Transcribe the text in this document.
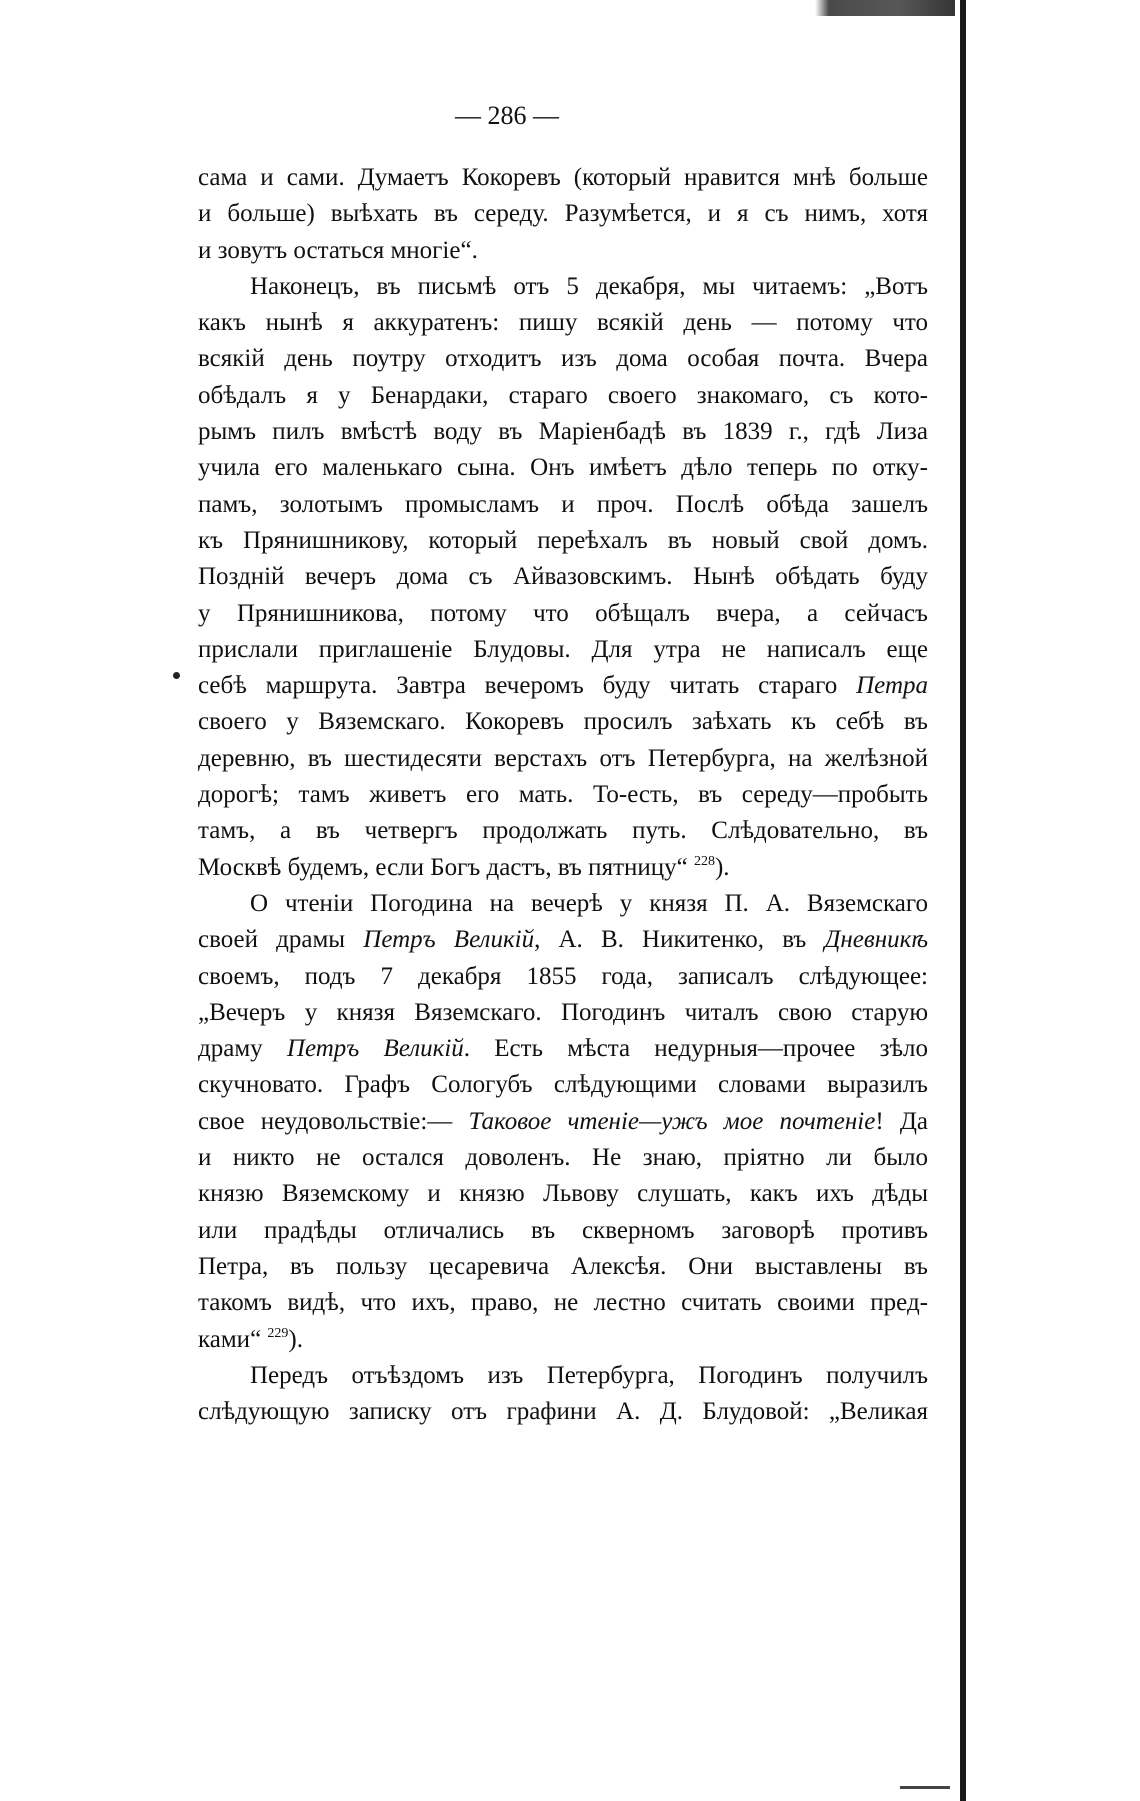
— 286 —
сама и сами. Думаетъ Кокоревъ (который нравится мнѣ больше
и больше) выѣхать въ середу. Разумѣется, и я съ нимъ, хотя
и зовутъ остаться многіе“.
Наконецъ, въ письмѣ отъ 5 декабря, мы читаемъ: „Вотъ
какъ нынѣ я аккуратенъ: пишу всякій день — потому что
всякій день поутру отходитъ изъ дома особая почта. Вчера
обѣдалъ я у Бенардаки, стараго своего знакомаго, съ кото-
рымъ пилъ вмѣстѣ воду въ Маріенбадѣ въ 1839 г., гдѣ Лиза
учила его маленькаго сына. Онъ имѣетъ дѣло теперь по отку-
памъ, золотымъ промысламъ и проч. Послѣ обѣда зашелъ
къ Прянишникову, который переѣхалъ въ новый свой домъ.
Поздній вечеръ дома съ Айвазовскимъ. Нынѣ обѣдать буду
у Прянишникова, потому что обѣщалъ вчера, а сейчасъ
прислали приглашеніе Блудовы. Для утра не написалъ еще
себѣ маршрута. Завтра вечеромъ буду читать стараго Петра
своего у Вяземскаго. Кокоревъ просилъ заѣхать къ себѣ въ
деревню, въ шестидесяти верстахъ отъ Петербурга, на желѣзной
дорогѣ; тамъ живетъ его мать. То-есть, въ середу—пробыть
тамъ, а въ четвергъ продолжать путь. Слѣдовательно, въ
Москвѣ будемъ, если Богъ дастъ, въ пятницу“ $^{228}$).
О чтеніи Погодина на вечерѣ у князя П. А. Вяземскаго
своей драмы Петръ Великій, А. В. Никитенко, въ Дневникѣ
своемъ, подъ 7 декабря 1855 года, записалъ слѣдующее:
„Вечеръ у князя Вяземскаго. Погодинъ читалъ свою старую
драму Петръ Великій. Есть мѣста недурныя—прочее зѣло
скучновато. Графъ Сологубъ слѣдующими словами выразилъ
свое неудовольствіе:— Таковое чтеніе—ужъ мое почтеніе! Да
и никто не остался доволенъ. Не знаю, пріятно ли было
князю Вяземскому и князю Львову слушать, какъ ихъ дѣды
или прадѣды отличались въ скверномъ заговорѣ противъ
Петра, въ пользу цесаревича Алексѣя. Они выставлены въ
такомъ видѣ, что ихъ, право, не лестно считать своими пред-
ками“ $^{229}$).
Передъ отъѣздомъ изъ Петербурга, Погодинъ получилъ
слѣдующую записку отъ графини А. Д. Блудовой: „Великая
